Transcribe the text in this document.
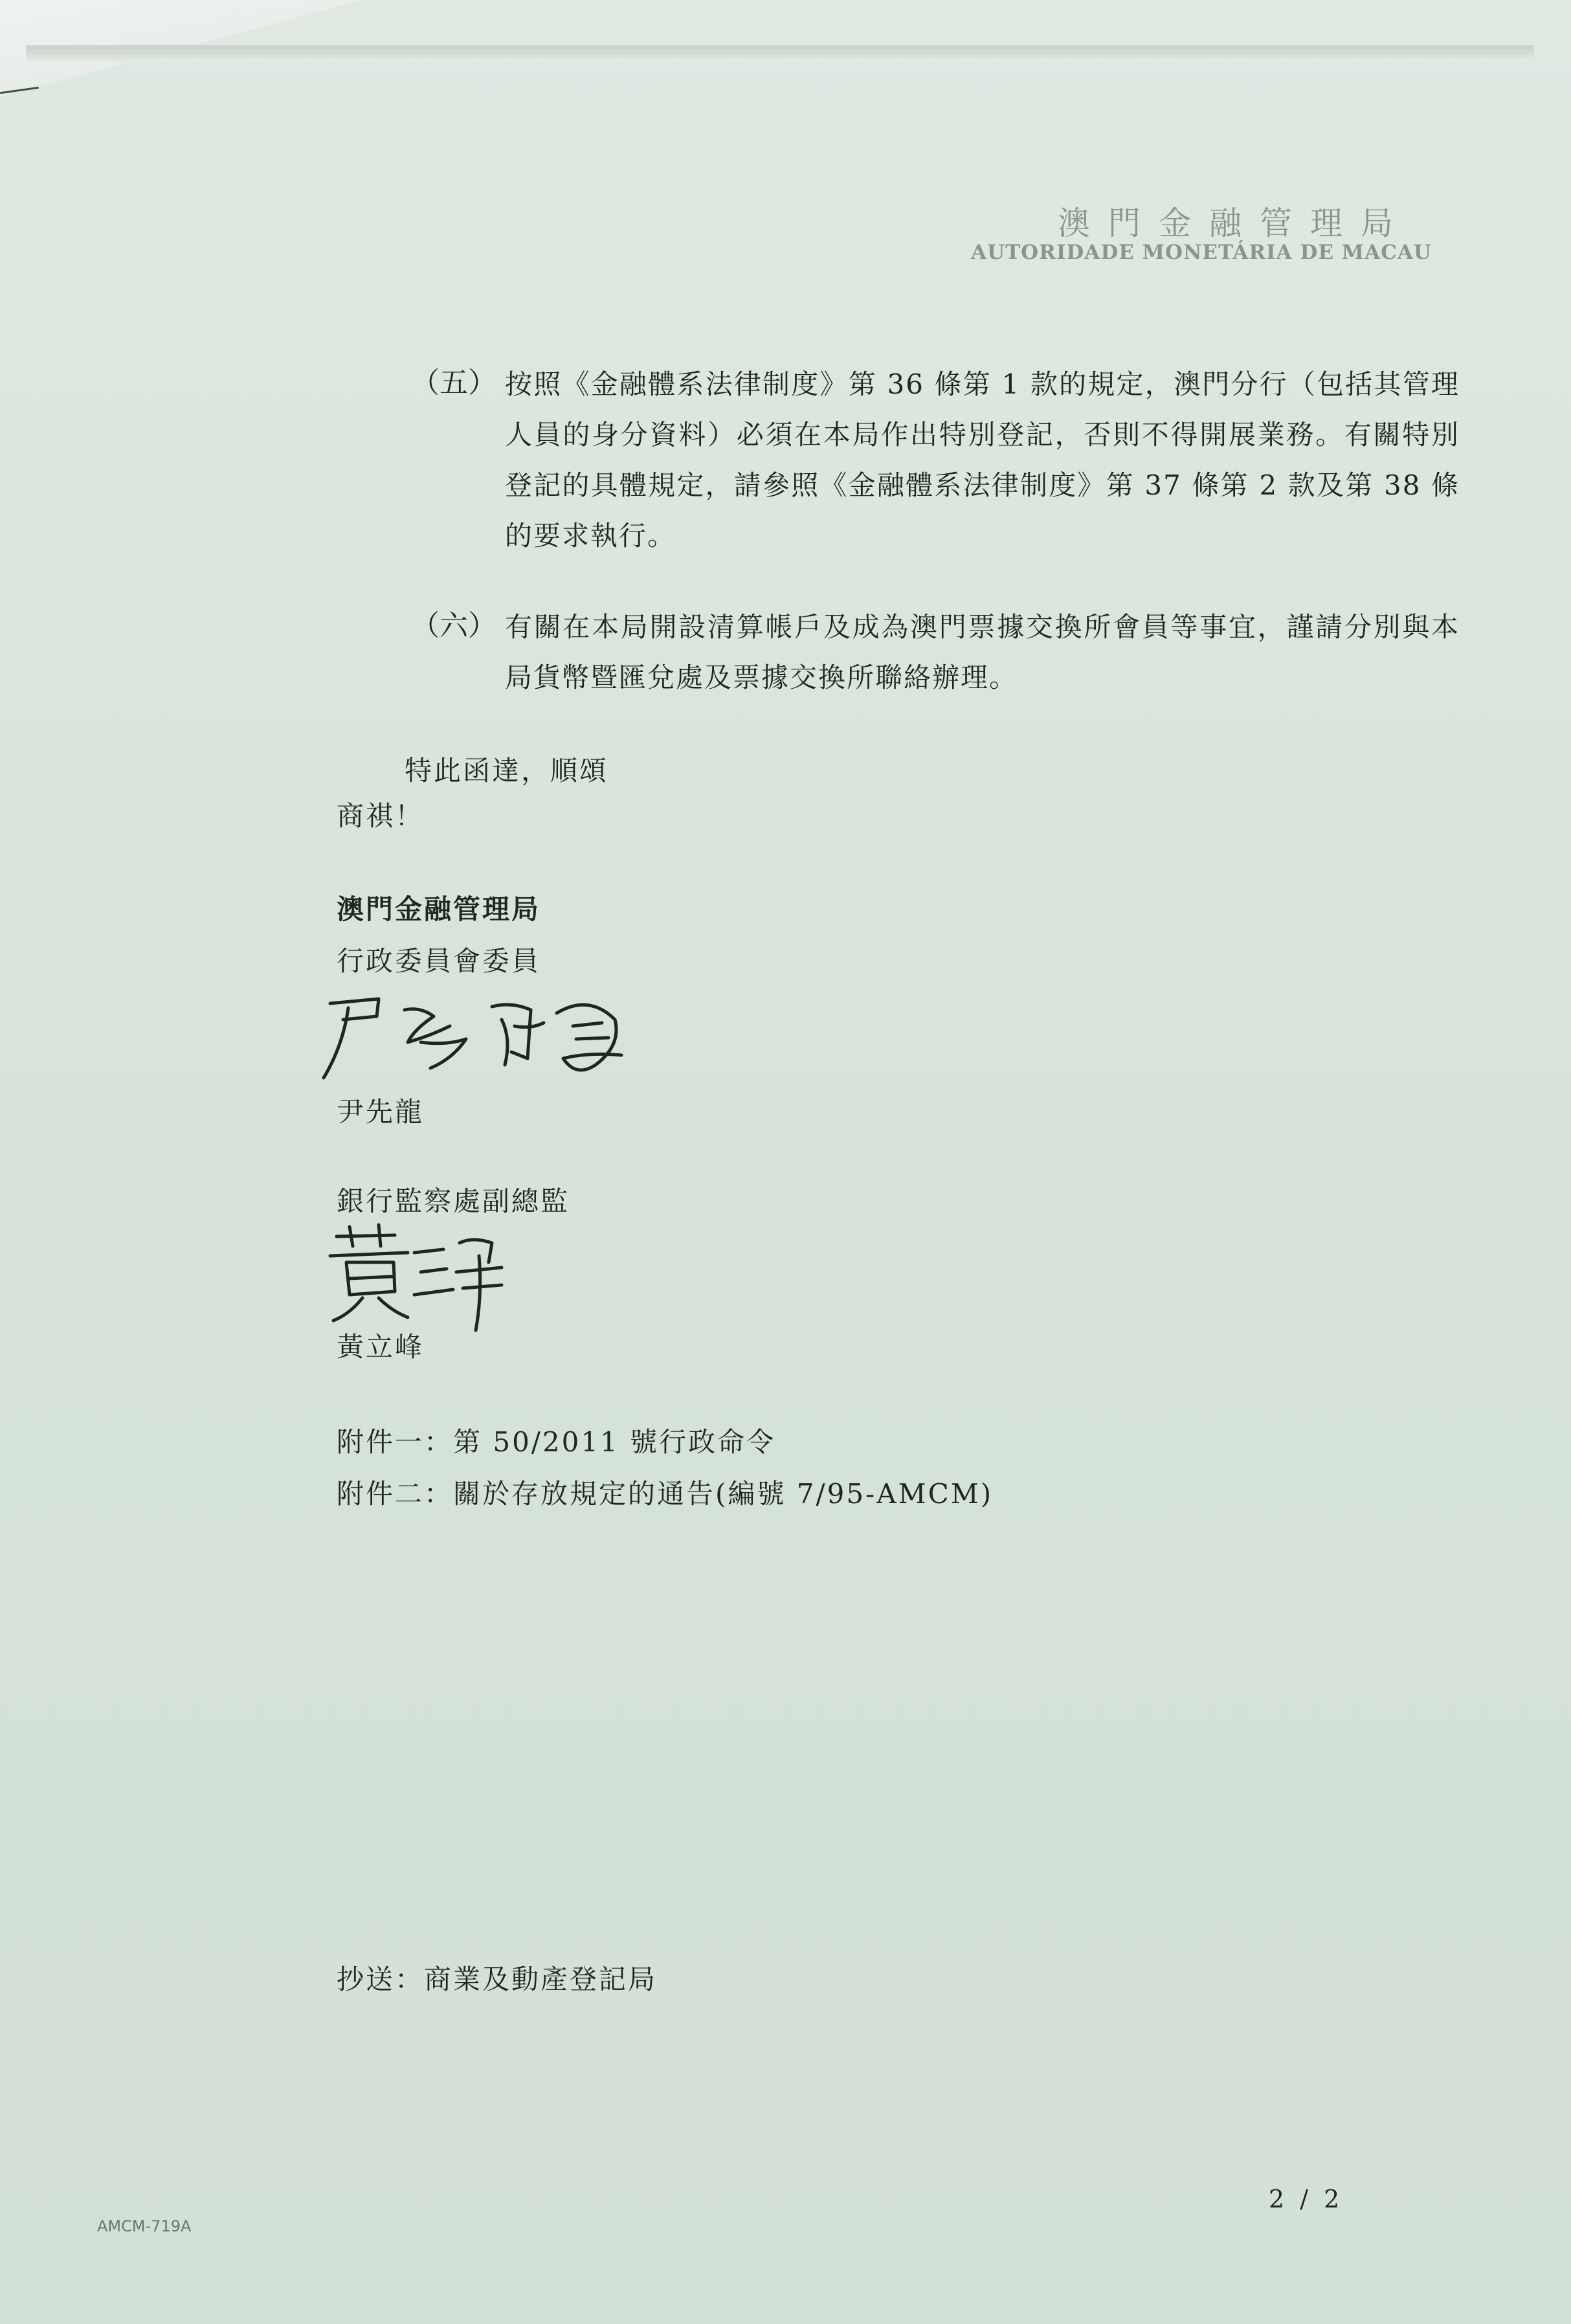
澳門金融管理局
AUTORIDADE MONETÁRIA DE MACAU
（五） 按照《金融體系法律制度》第 36 條第 1 款的規定，澳門分行（包括其管理人員的身分資料）必須在本局作出特別登記，否則不得開展業務。有關特別登記的具體規定，請參照《金融體系法律制度》第 37 條第 2 款及第 38 條的要求執行。
（六） 有關在本局開設清算帳戶及成為澳門票據交換所會員等事宜，謹請分別與本局貨幣暨匯兌處及票據交換所聯絡辦理。
特此函達，順頌
商祺！
澳門金融管理局
行政委員會委員
尹先龍
銀行監察處副總監
黃立峰
附件一：第 50/2011 號行政命令
附件二：關於存放規定的通告(編號 7/95-AMCM)
抄送：商業及動產登記局
2 / 2
AMCM-719A
